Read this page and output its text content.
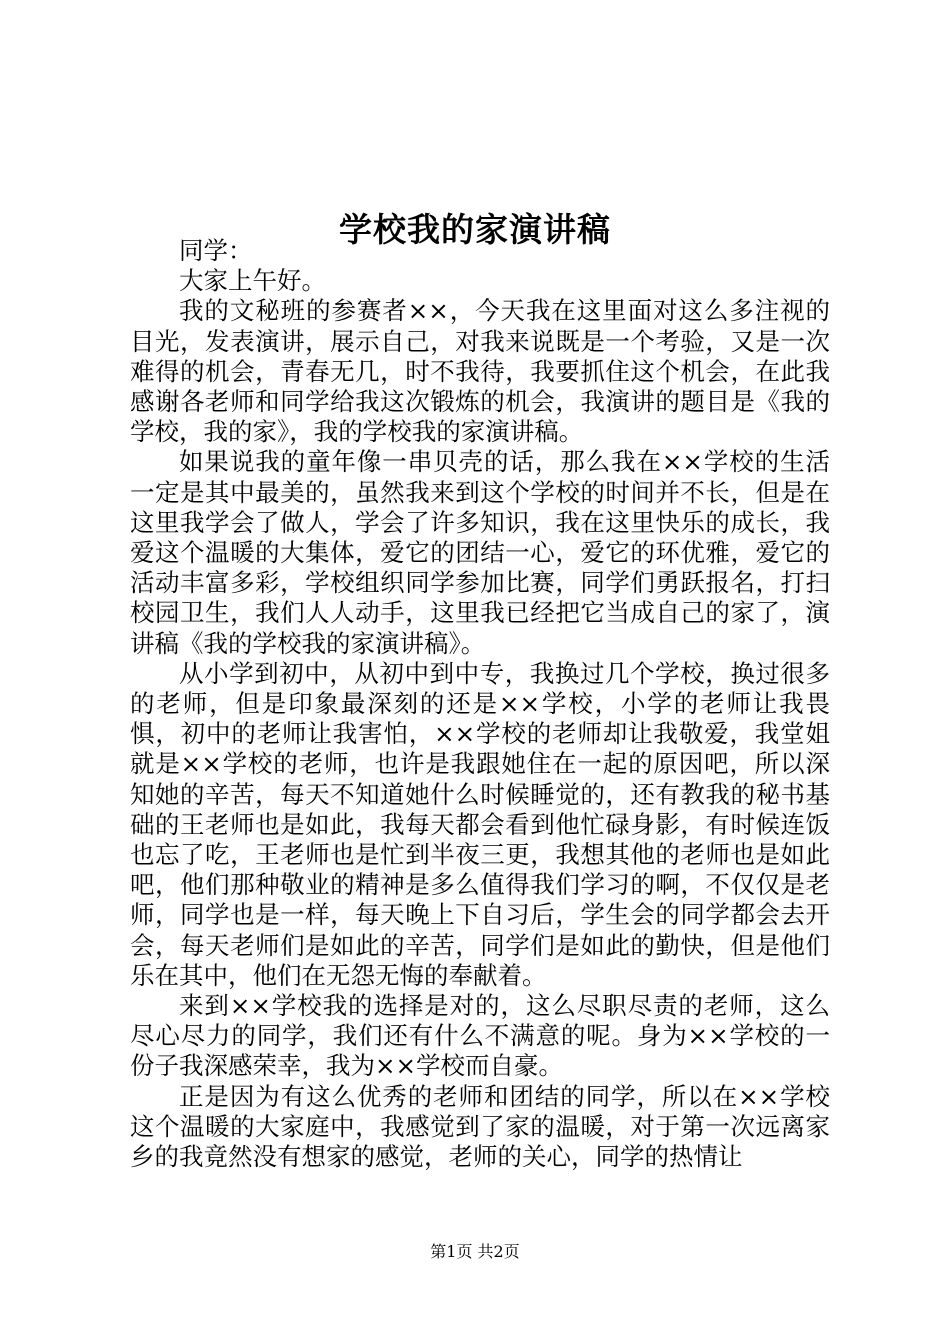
学校我的家演讲稿

同学：

大家上午好。

我的文秘班的参赛者××，今天我在这里面对这么多注视的目光，发表演讲，展示自己，对我来说既是一个考验，又是一次难得的机会，青春无几，时不我待，我要抓住这个机会，在此我感谢各老师和同学给我这次锻炼的机会，我演讲的题目是《我的学校，我的家》，我的学校我的家演讲稿。

如果说我的童年像一串贝壳的话，那么我在××学校的生活一定是其中最美的，虽然我来到这个学校的时间并不长，但是在这里我学会了做人，学会了许多知识，我在这里快乐的成长，我爱这个温暖的大集体，爱它的团结一心，爱它的环优雅，爱它的活动丰富多彩，学校组织同学参加比赛，同学们勇跃报名，打扫校园卫生，我们人人动手，这里我已经把它当成自己的家了，演讲稿《我的学校我的家演讲稿》。

从小学到初中，从初中到中专，我换过几个学校，换过很多的老师，但是印象最深刻的还是××学校，小学的老师让我畏惧，初中的老师让我害怕，××学校的老师却让我敬爱，我堂姐就是××学校的老师，也许是我跟她住在一起的原因吧，所以深知她的辛苦，每天不知道她什么时候睡觉的，还有教我的秘书基础的王老师也是如此，我每天都会看到他忙碌身影，有时候连饭也忘了吃，王老师也是忙到半夜三更，我想其他的老师也是如此吧，他们那种敬业的精神是多么值得我们学习的啊，不仅仅是老师，同学也是一样，每天晚上下自习后，学生会的同学都会去开会，每天老师们是如此的辛苦，同学们是如此的勤快，但是他们乐在其中，他们在无怨无悔的奉献着。

来到××学校我的选择是对的，这么尽职尽责的老师，这么尽心尽力的同学，我们还有什么不满意的呢。身为××学校的一份子我深感荣幸，我为××学校而自豪。

正是因为有这么优秀的老师和团结的同学，所以在××学校这个温暖的大家庭中，我感觉到了家的温暖，对于第一次远离家乡的我竟然没有想家的感觉，老师的关心，同学的热情让

第1页 共2页
